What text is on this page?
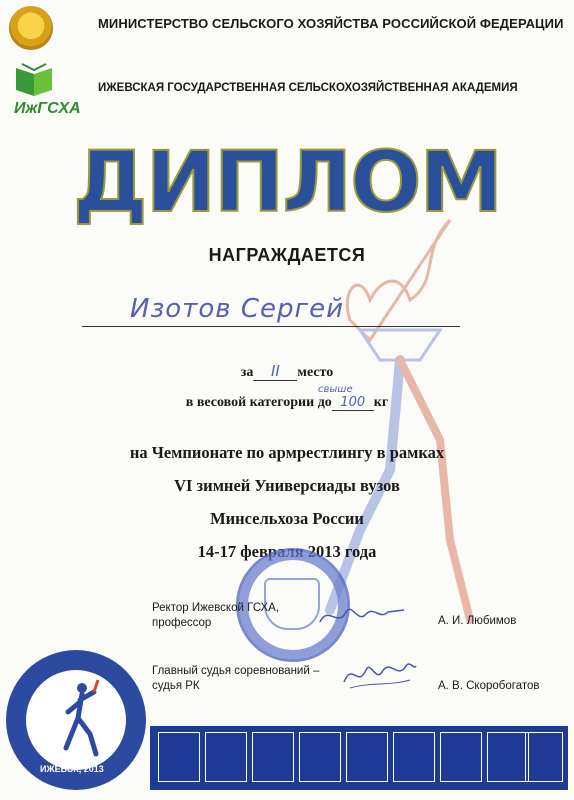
МИНИСТЕРСТВО СЕЛЬСКОГО ХОЗЯЙСТВА РОССИЙСКОЙ ФЕДЕРАЦИИ
ИжГСХА
ИЖЕВСКАЯ ГОСУДАРСТВЕННАЯ СЕЛЬСКОХОЗЯЙСТВЕННАЯ АКАДЕМИЯ
ДИПЛОМ
НАГРАЖДАЕТСЯ
Изотов Сергей
за II место
свыше
в весовой категории до 100 кг
на Чемпионате по армрестлингу в рамках
VI зимней Универсиады вузов
Минсельхоза России
14-17 февраля 2013 года
Ректор Ижевской ГСХА,
профессор	А. И. Любимов
Главный судья соревнований –
судья РК	А. В. Скоробогатов
ИЖЕВСК, 2013
